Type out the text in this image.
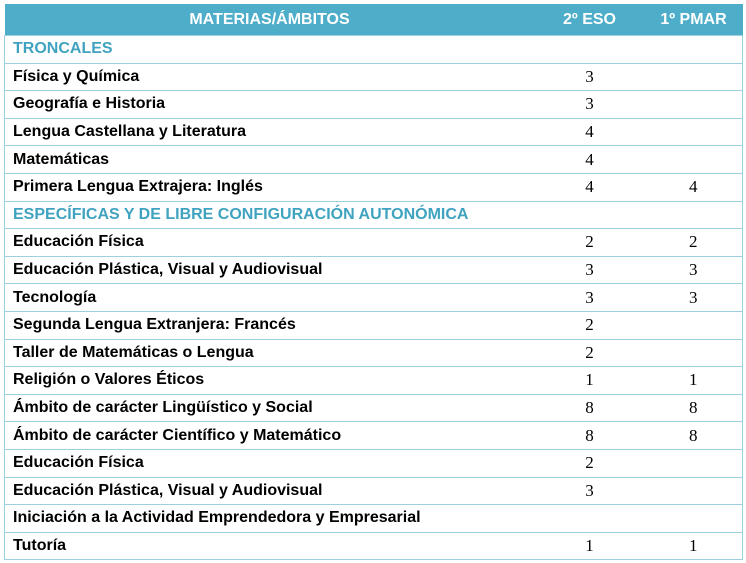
MATERIAS/ÁMBITOS	2º ESO	1º PMAR
TRONCALES		
Física y Química	3	
Geografía e Historia	3	
Lengua Castellana y Literatura	4	
Matemáticas	4	
Primera Lengua Extrajera: Inglés	4	4
ESPECÍFICAS Y DE LIBRE CONFIGURACIÓN AUTONÓMICA		
Educación Física	2	2
Educación Plástica, Visual y Audiovisual	3	3
Tecnología	3	3
Segunda Lengua Extranjera: Francés	2	
Taller de Matemáticas o Lengua	2	
Religión o Valores Éticos	1	1
Ámbito de carácter Lingüístico y Social	8	8
Ámbito de carácter Científico y Matemático	8	8
Educación Física	2	
Educación Plástica, Visual y Audiovisual	3	
Iniciación a la Actividad Emprendedora y Empresarial		
Tutoría	1	1
